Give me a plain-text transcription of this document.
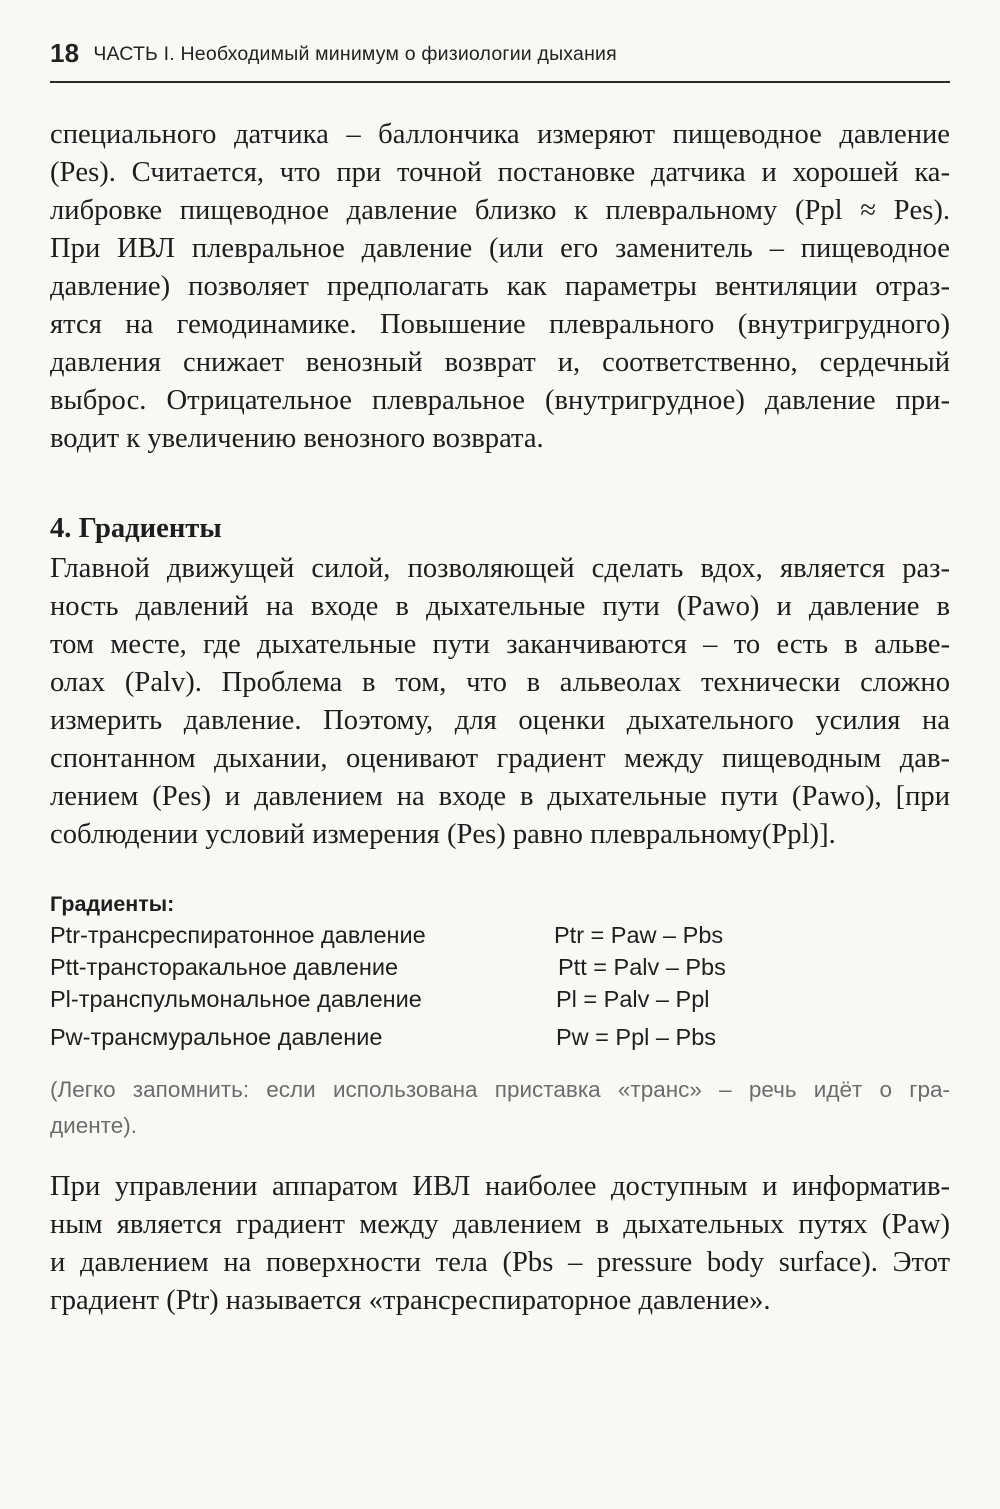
18 ЧАСТЬ I. Необходимый минимум о физиологии дыхания
специального датчика – баллончика измеряют пищеводное давление
(Pes). Считается, что при точной постановке датчика и хорошей ка-
либровке пищеводное давление близко к плевральному (Ppl ≈ Pes).
При ИВЛ плевральное давление (или его заменитель – пищеводное
давление) позволяет предполагать как параметры вентиляции отраз-
ятся на гемодинамике. Повышение плеврального (внутригрудного)
давления снижает венозный возврат и, соответственно, сердечный
выброс. Отрицательное плевральное (внутригрудное) давление при-
водит к увеличению венозного возврата.
4. Градиенты
Главной движущей силой, позволяющей сделать вдох, является раз-
ность давлений на входе в дыхательные пути (Pawo) и давление в
том месте, где дыхательные пути заканчиваются – то есть в альве-
олах (Palv). Проблема в том, что в альвеолах технически сложно
измерить давление. Поэтому, для оценки дыхательного усилия на
спонтанном дыхании, оценивают градиент между пищеводным дав-
лением (Pes) и давлением на входе в дыхательные пути (Pawo), [при
соблюдении условий измерения (Pes) равно плевральному(Ppl)].
Градиенты:
Ptr-трансреспиратонное давление	Ptr = Paw – Pbs
Ptt-трансторакальное давление	Ptt = Palv – Pbs
Pl-транспульмональное давление	Pl = Palv – Ppl
Pw-трансмуральное давление	Pw = Ppl – Pbs
(Легко запомнить: если использована приставка «транс» – речь идёт о гра-
диенте).
При управлении аппаратом ИВЛ наиболее доступным и информатив-
ным является градиент между давлением в дыхательных путях (Paw)
и давлением на поверхности тела (Pbs – pressure body surface). Этот
градиент (Ptr) называется «трансреспираторное давление».
